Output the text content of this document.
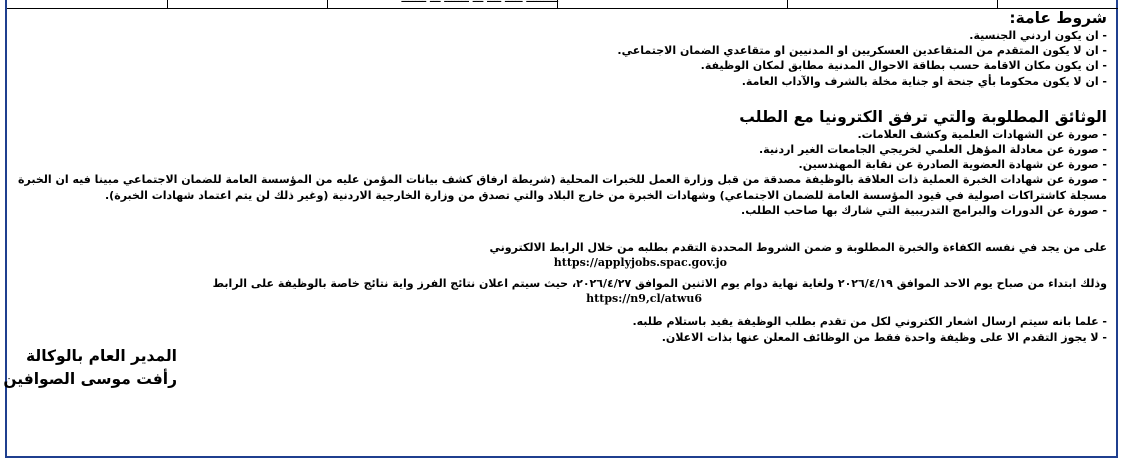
شروط عامة:
- ان يكون اردني الجنسية.
- ان لا يكون المتقدم من المتقاعدين العسكريين او المدنيين او متقاعدي الضمان الاجتماعي.
- ان يكون مكان الاقامة حسب بطاقة الاحوال المدنية مطابق لمكان الوظيفة.
- ان لا يكون محكوما بأي جنحة او جناية مخلة بالشرف والآداب العامة.
الوثائق المطلوبة والتي ترفق الكترونيا مع الطلب
- صورة عن الشهادات العلمية وكشف العلامات.
- صورة عن معادلة المؤهل العلمي لخريجي الجامعات الغير اردنية.
- صورة عن شهادة العضوية الصادرة عن نقابة المهندسين.
- صورة عن شهادات الخبرة العملية ذات العلاقة بالوظيفة مصدقة من قبل وزارة العمل للخبرات المحلية (شريطة ارفاق كشف بيانات المؤمن عليه من المؤسسة العامة للضمان الاجتماعي مبينا فيه ان الخبرة مسجلة كاشتراكات اصولية في قيود المؤسسة العامة للضمان الاجتماعي) وشهادات الخبرة من خارج البلاد والتي تصدق من وزارة الخارجية الاردنية (وغير ذلك لن يتم اعتماد شهادات الخبرة).
- صورة عن الدورات والبرامج التدريبية التي شارك بها صاحب الطلب.
على من يجد في نفسه الكفاءة والخبرة المطلوبة و ضمن الشروط المحددة التقدم بطلبه من خلال الرابط الالكتروني
https://applyjobs.spac.gov.jo
وذلك ابتداء من صباح يوم الاحد الموافق ٢٠٢٦/٤/١٩ ولغاية نهاية دوام يوم الاثنين الموافق ٢٠٢٦/٤/٢٧، حيث سيتم اعلان نتائج الفرز واية نتائج خاصة بالوظيفة على الرابط
https://n9,cl/atwu6
- علما بانه سيتم ارسال اشعار الكتروني لكل من تقدم بطلب الوظيفة يفيد باستلام طلبه.
- لا يجوز التقدم الا على وظيفة واحدة فقط من الوظائف المعلن عنها بذات الاعلان.
المدير العام بالوكالة
رأفت موسى الصوافين
